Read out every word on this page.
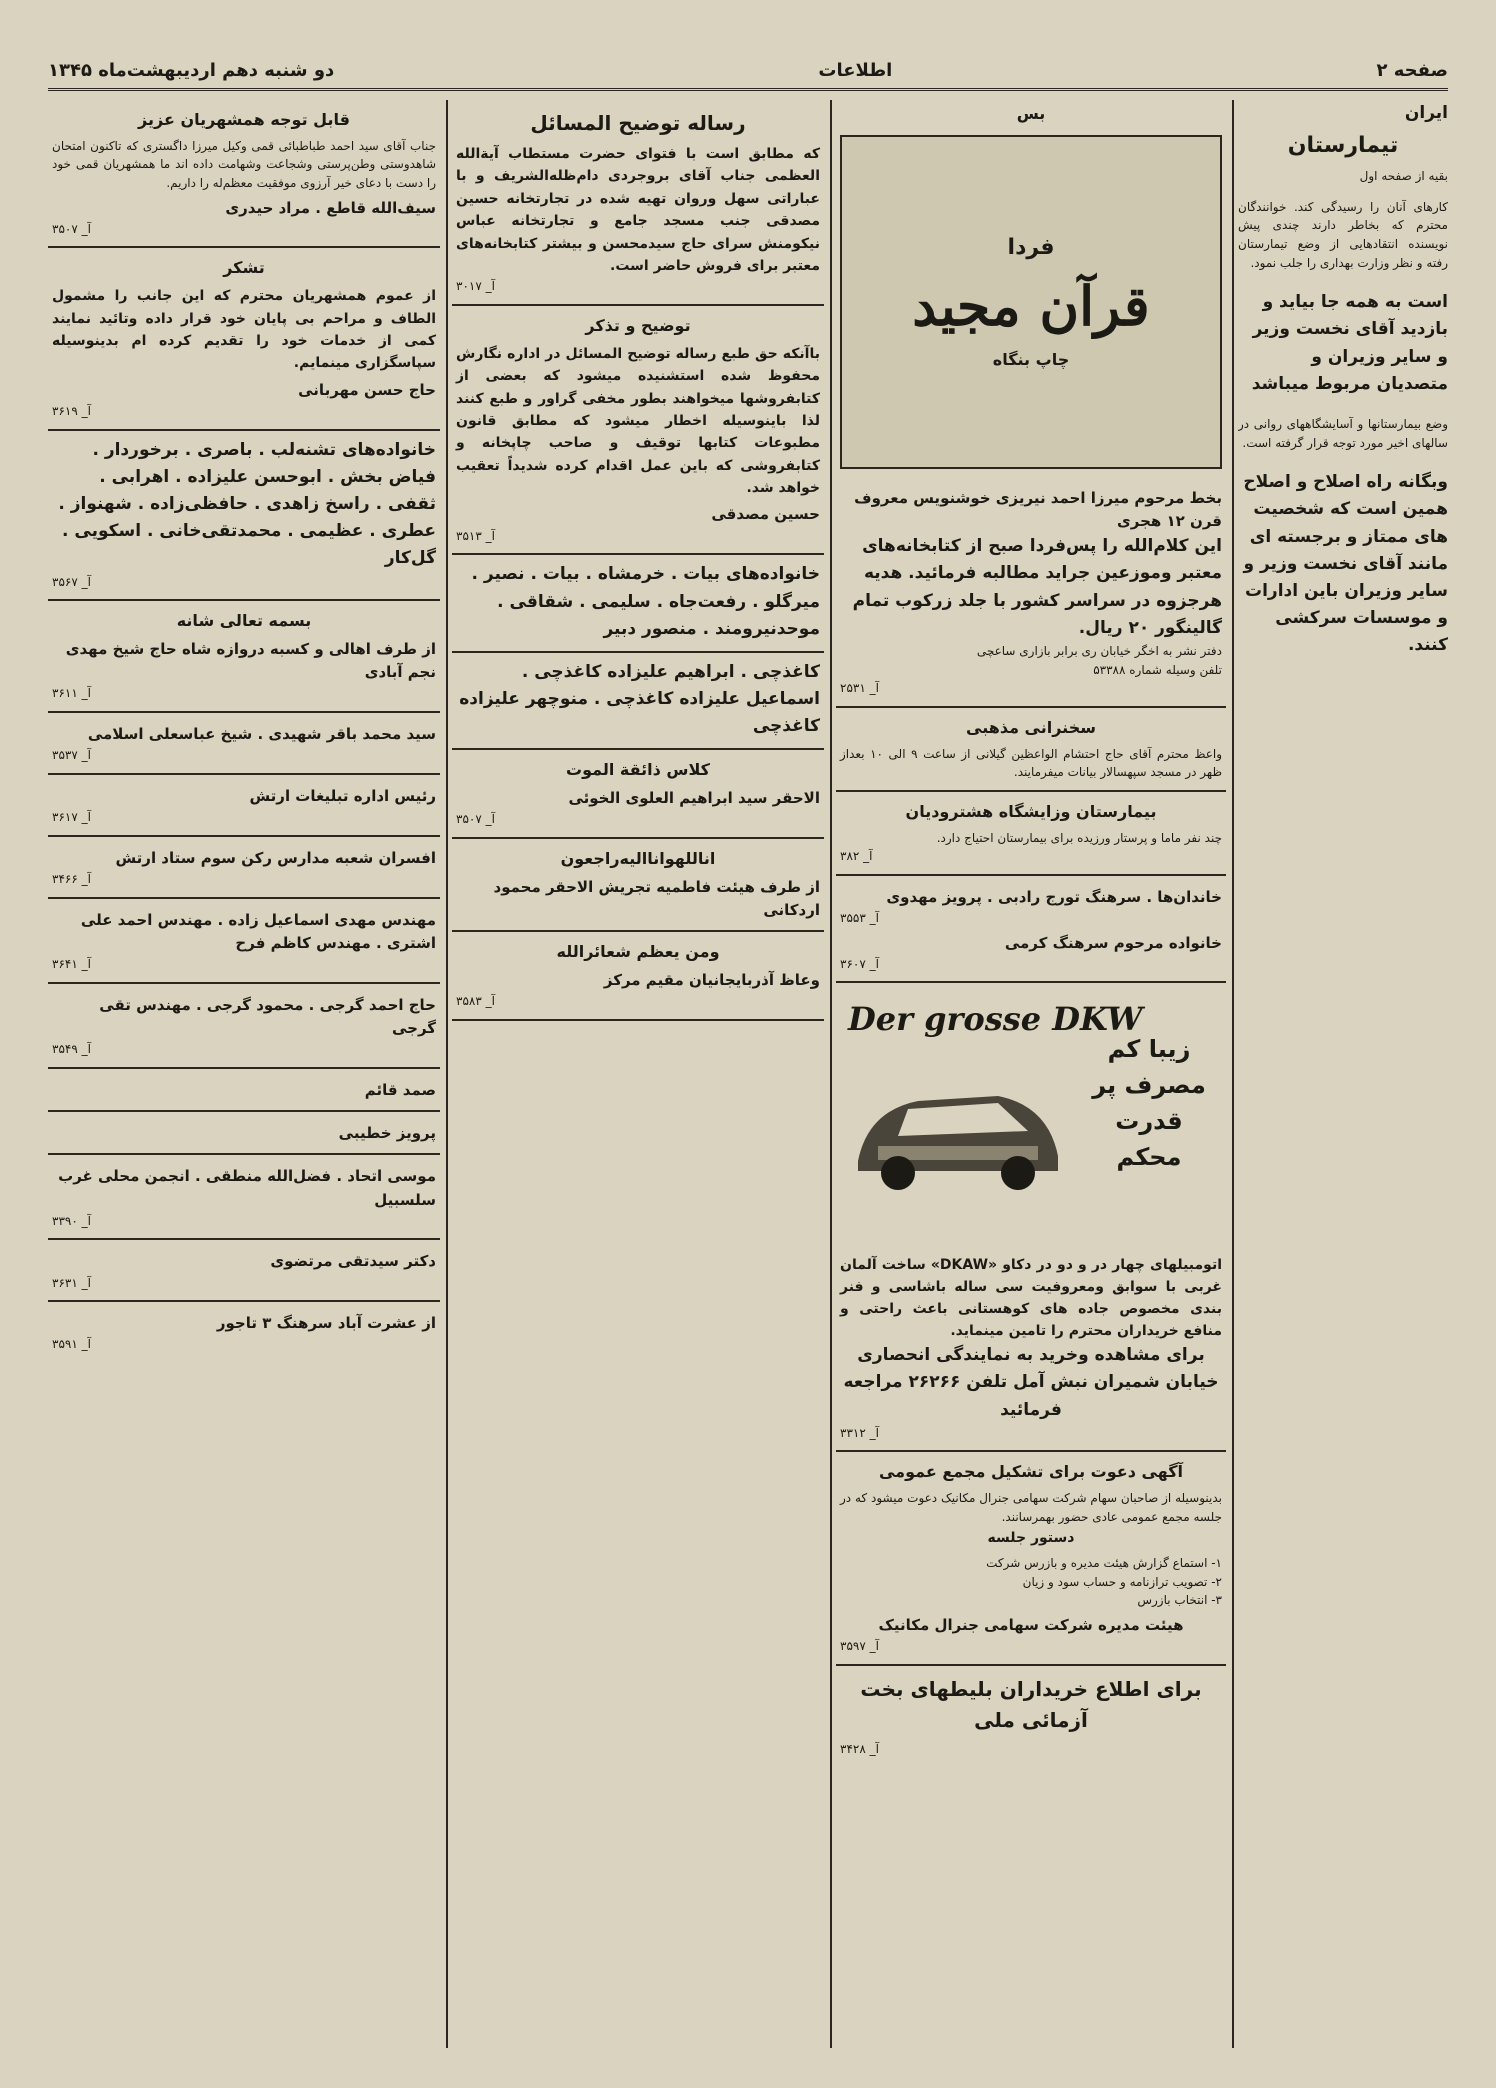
صفحه ۲
اطلاعات
دو شنبه دهم اردیبهشت‌ماه ۱۳۴۵
ایران
تیمارستان
بقیه از صفحه اول

کارهای آنان را رسیدگی کند. خوانندگان محترم که بخاطر دارند چندی پیش نویسنده انتقادهایی از وضع تیمارستان رفته و نظر وزارت بهداری را جلب نمود.

است به همه جا بیاید و بازدید آقای نخست وزیر و سایر وزیران و متصدیان مربوط میباشد

وضع بیمارستانها و آسایشگاههای روانی در سالهای اخیر مورد توجه قرار گرفته است.

وبگانه راه اصلاح و اصلاح همین است که شخصیت های ممتاز و برجسته ای مانند آقای نخست وزیر و سایر وزیران باین ادارات و موسسات سرکشی کنند.

بس
فردا
قرآن مجید
چاپ بنگاه
بخط مرحوم میرزا احمد نیریزی خوشنویس معروف قرن ۱۲ هجری
این کلام‌الله را پس‌فردا صبح از کتابخانه‌های معتبر وموزعین جراید مطالبه فرمائید. هدیه هرجزوه در سراسر کشور با جلد زرکوب تمام گالینگور ۲۰ ریال.
دفتر نشر به اخگر خیابان ری برابر بازاری ساعچی
تلفن وسیله شماره ۵۳۳۸۸
آ_ ۲۵۳۱
سخنرانی مذهبی
واعظ محترم آقای حاج احتشام الواعظین گیلانی از ساعت ۹ الی ۱۰ بعداز ظهر در مسجد سپهسالار بیانات میفرمایند.
بیمارستان وزایشگاه هشترودیان
چند نفر ماما و پرستار ورزیده برای بیمارستان احتیاج دارد.
آ_ ۳۸۲
خاندان‌ها . سرهنگ تورج رادبی . پرویز مهدوی
آ_ ۳۵۵۳
خانواده مرحوم سرهنگ کرمی
آ_ ۳۶۰۷
Der grosse DKW
زیبا کم مصرف پر قدرت محکم
اتومبیلهای چهار در و دو در دکاو «DKAW» ساخت آلمان غربی با سوابق ومعروفیت سی ساله باشاسی و فنر بندی مخصوص جاده های کوهستانی باعث راحتی و منافع خریداران محترم را تامین مینماید.
برای مشاهده وخرید به نمایندگی انحصاری خیابان شمیران نبش آمل تلفن ۲۶۲۶۶ مراجعه فرمائید
آ_ ۳۳۱۲
آگهی دعوت برای تشکیل مجمع عمومی
بدینوسیله از صاحبان سهام شرکت سهامی جنرال مکانیک دعوت میشود که در جلسه مجمع عمومی عادی حضور بهمرسانند.
دستور جلسه
۱- استماع گزارش هیئت مدیره و بازرس شرکت
۲- تصویب ترازنامه و حساب سود و زیان
۳- انتخاب بازرس
هیئت مدیره شرکت سهامی جنرال مکانیک
آ_ ۳۵۹۷
برای اطلاع خریداران بلیطهای بخت آزمائی ملی
آ_ ۳۴۲۸
رساله توضیح المسائل
که مطابق است با فتوای حضرت مستطاب آیة‌الله العظمی جناب آقای بروجردی دام‌ظله‌الشریف و با عباراتی سهل وروان تهیه شده در تجارتخانه حسین مصدقی جنب مسجد جامع و تجارتخانه عباس نیکومنش سرای حاج سیدمحسن و بیشتر کتابخانه‌های معتبر برای فروش حاضر است.
آ_ ۳۰۱۷
توضیح و تذکر
باآنکه حق طبع رساله توضیح المسائل در اداره نگارش محفوظ شده استشنیده میشود که بعضی از کتابفروشها میخواهند بطور مخفی گراور و طبع کنند لذا باینوسیله اخطار میشود که مطابق قانون مطبوعات کتابها توقیف و صاحب چاپخانه و کتابفروشی که باین عمل اقدام کرده شدیداً تعقیب خواهد شد.
حسین مصدقی
آ_ ۳۵۱۳
خانواده‌های بیات . خرمشاه . بیات . نصیر . میرگلو . رفعت‌جاه . سلیمی . شقاقی . موحدنیرومند . منصور دبیر
کاغذچی . ابراهیم علیزاده کاغذچی . اسماعیل علیزاده کاغذچی . منوچهر علیزاده کاغذچی
کلاس ذائقة الموت
الاحقر سید ابراهیم العلوی الخوئی
آ_ ۳۵۰۷
اناللهوانااليه‌راجعون
از طرف هیئت فاطمیه تجریش الاحقر محمود اردکانی
ومن یعظم شعائرالله
وعاظ آذربایجانیان مقیم مرکز
آ_ ۳۵۸۳
قابل توجه همشهریان عزیز
جناب آقای سید احمد طباطبائی قمی وکیل میرزا داگستری که تاکنون امتحان شاهدوستی وطن‌پرستی وشجاعت وشهامت داده اند ما همشهریان قمی خود را دست با دعای خیر آرزوی موفقیت معظم‌له را داریم.
سیف‌الله قاطع . مراد حیدری
آ_ ۳۵۰۷
تشکر
از عموم همشهریان محترم که این جانب را مشمول الطاف و مراحم بی پایان خود قرار داده وتائید نمایند کمی از خدمات خود را تقدیم کرده ام بدینوسیله سپاسگزاری مینمایم.
حاج حسن مهربانی
آ_ ۳۶۱۹
خانواده‌های تشنه‌لب . باصری . برخوردار . فیاض بخش . ابوحسن علیزاده . اهرابی . ثقفی . راسخ زاهدی . حافظی‌زاده . شهنواز . عطری . عظیمی . محمدتقی‌خانی . اسکویی . گل‌کار
آ_ ۳۵۶۷
بسمه تعالی شانه
از طرف اهالی و کسبه دروازه شاه حاج شیخ مهدی نجم آبادی
آ_ ۳۶۱۱
سید محمد باقر شهیدی . شیخ عباسعلی اسلامی
آ_ ۳۵۳۷
رئیس اداره تبلیغات ارتش
آ_ ۳۶۱۷
افسران شعبه مدارس رکن سوم ستاد ارتش
آ_ ۳۴۶۶
مهندس مهدی اسماعیل زاده . مهندس احمد علی اشتری . مهندس کاظم فرح
آ_ ۳۶۴۱
حاج احمد گرجی . محمود گرجی . مهندس تقی گرجی
آ_ ۳۵۴۹
صمد قائم
پرویز خطیبی
موسی اتحاد . فضل‌الله منطقی . انجمن محلی غرب سلسبیل
آ_ ۳۳۹۰
دکتر سیدتقی مرتضوی
آ_ ۳۶۳۱
از عشرت آباد سرهنگ ۳ تاجور
آ_ ۳۵۹۱
